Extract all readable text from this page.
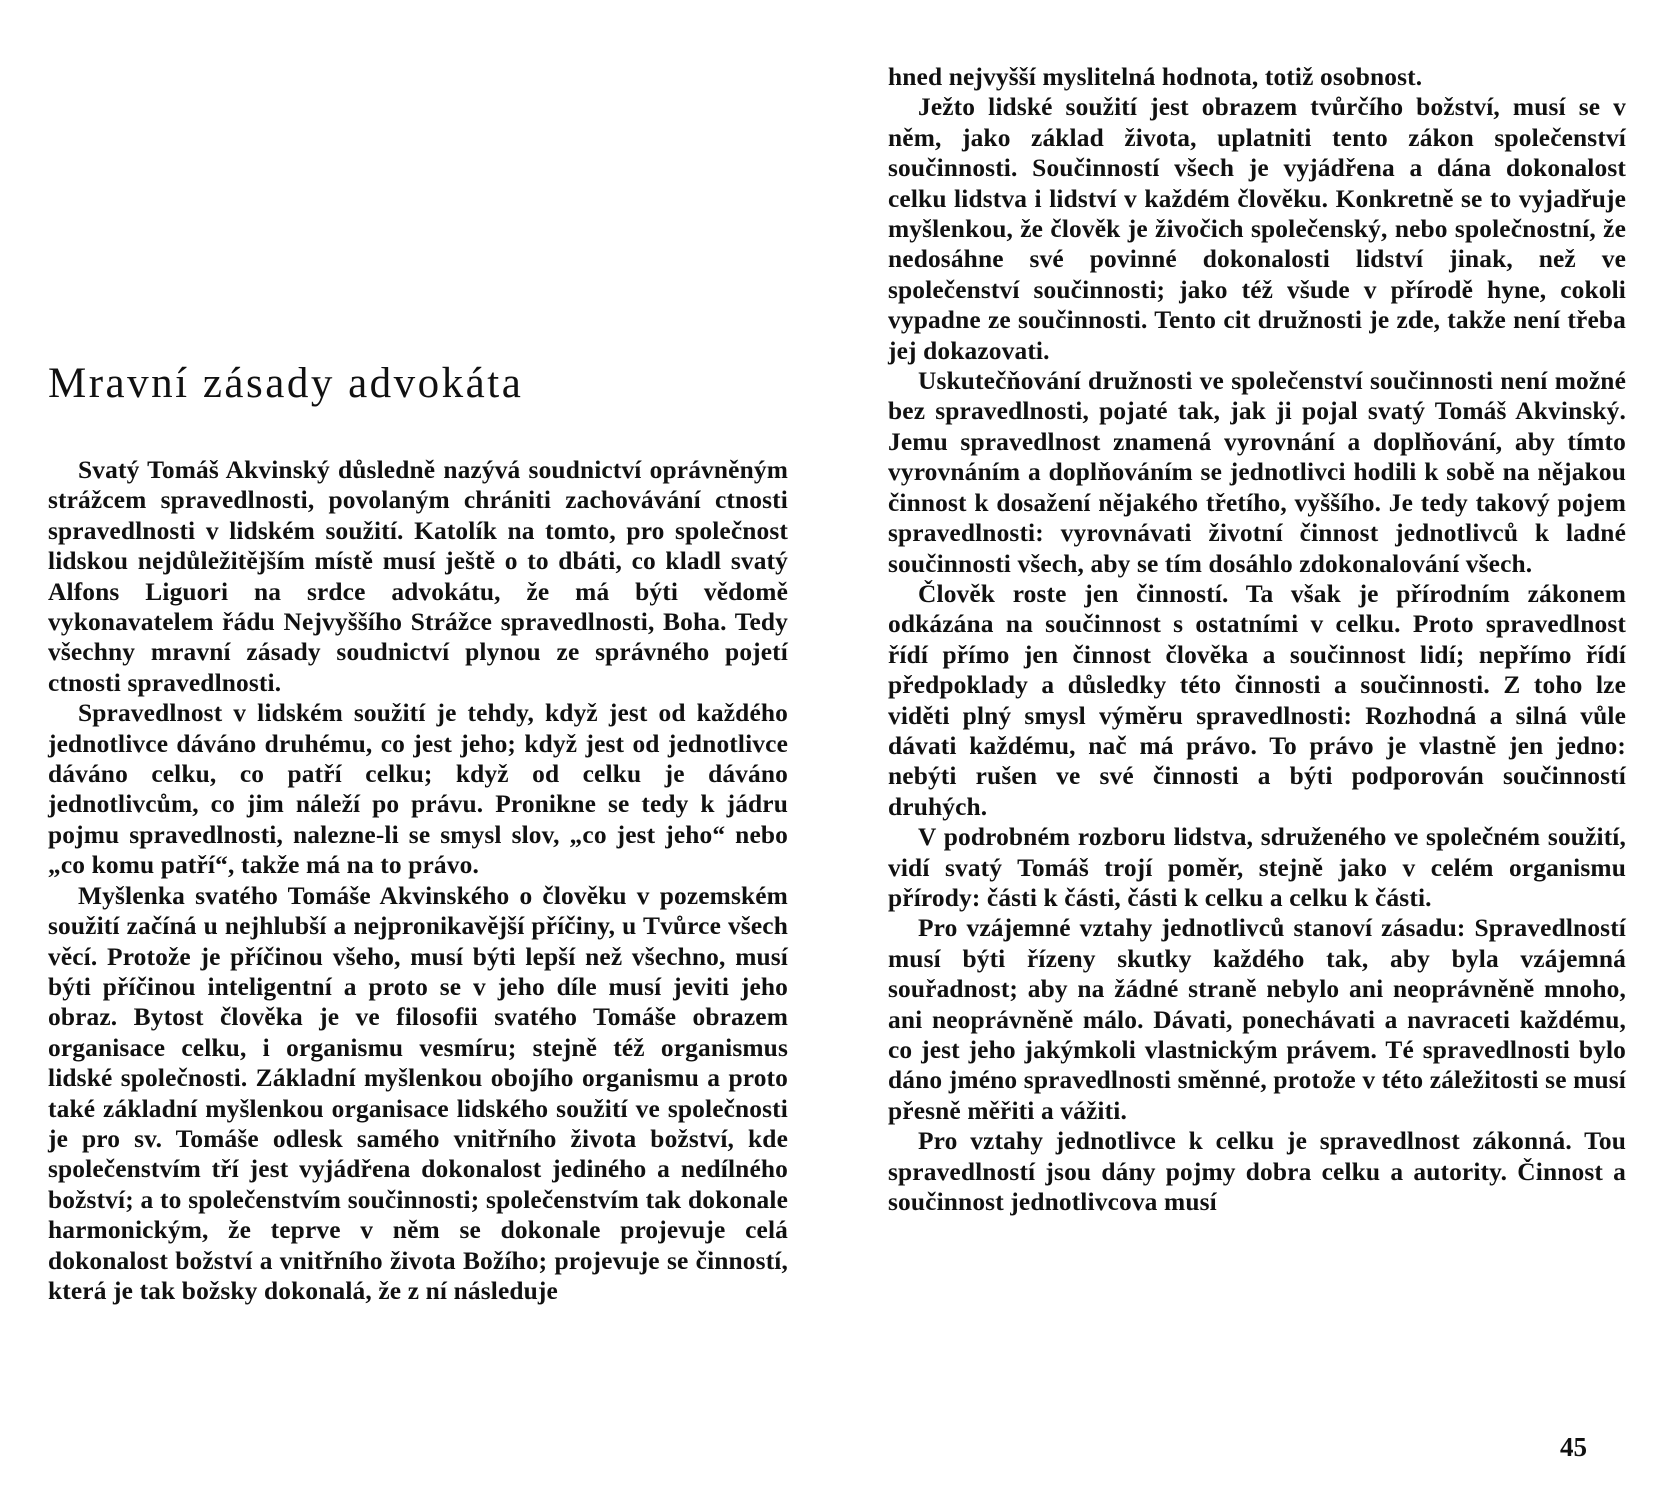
Mravní zásady advokáta

Svatý Tomáš Akvinský důsledně nazývá soudnictví oprávněným strážcem spravedlnosti, povolaným chrániti zachovávání ctnosti spravedlnosti v lidském soužití. Katolík na tomto, pro společnost lidskou nejdůležitějším místě musí ještě o to dbáti, co kladl svatý Alfons Liguori na srdce advokátu, že má býti vědomě vykonavatelem řádu Nejvyššího Strážce spravedlnosti, Boha. Tedy všechny mravní zásady soudnictví plynou ze správného pojetí ctnosti spravedlnosti.

Spravedlnost v lidském soužití je tehdy, když jest od každého jednotlivce dáváno druhému, co jest jeho; když jest od jednotlivce dáváno celku, co patří celku; když od celku je dáváno jednotlivcům, co jim náleží po právu. Pronikne se tedy k jádru pojmu spravedlnosti, nalezne-li se smysl slov, „co jest jeho“ nebo „co komu patří“, takže má na to právo.

Myšlenka svatého Tomáše Akvinského o člověku v pozemském soužití začíná u nejhlubší a nejpronikavější příčiny, u Tvůrce všech věcí. Protože je příčinou všeho, musí býti lepší než všechno, musí býti příčinou inteligentní a proto se v jeho díle musí jeviti jeho obraz. Bytost člověka je ve filosofii svatého Tomáše obrazem organisace celku, i organismu vesmíru; stejně též organismus lidské společnosti. Základní myšlenkou obojího organismu a proto také základní myšlenkou organisace lidského soužití ve společnosti je pro sv. Tomáše odlesk samého vnitřního života božství, kde společenstvím tří jest vyjádřena dokonalost jediného a nedílného božství; a to společenstvím součinnosti; společenstvím tak dokonale harmonickým, že teprve v něm se dokonale projevuje celá dokonalost božství a vnitřního života Božího; projevuje se činností, která je tak božsky dokonalá, že z ní následuje

hned nejvyšší myslitelná hodnota, totiž osobnost.

Ježto lidské soužití jest obrazem tvůrčího božství, musí se v něm, jako základ života, uplatniti tento zákon společenství součinnosti. Součinností všech je vyjádřena a dána dokonalost celku lidstva i lidství v každém člověku. Konkretně se to vyjadřuje myšlenkou, že člověk je živočich společenský, nebo společnostní, že nedosáhne své povinné dokonalosti lidství jinak, než ve společenství součinnosti; jako též všude v přírodě hyne, cokoli vypadne ze součinnosti. Tento cit družnosti je zde, takže není třeba jej dokazovati.

Uskutečňování družnosti ve společenství součinnosti není možné bez spravedlnosti, pojaté tak, jak ji pojal svatý Tomáš Akvinský. Jemu spravedlnost znamená vyrovnání a doplňování, aby tímto vyrovnáním a doplňováním se jednotlivci hodili k sobě na nějakou činnost k dosažení nějakého třetího, vyššího. Je tedy takový pojem spravedlnosti: vyrovnávati životní činnost jednotlivců k ladné součinnosti všech, aby se tím dosáhlo zdokonalování všech.

Člověk roste jen činností. Ta však je přírodním zákonem odkázána na součinnost s ostatními v celku. Proto spravedlnost řídí přímo jen činnost člověka a součinnost lidí; nepřímo řídí předpoklady a důsledky této činnosti a součinnosti. Z toho lze viděti plný smysl výměru spravedlnosti: Rozhodná a silná vůle dávati každému, nač má právo. To právo je vlastně jen jedno: nebýti rušen ve své činnosti a býti podporován součinností druhých.

V podrobném rozboru lidstva, sdruženého ve společném soužití, vidí svatý Tomáš trojí poměr, stejně jako v celém organismu přírody: části k části, části k celku a celku k části.

Pro vzájemné vztahy jednotlivců stanoví zásadu: Spravedlností musí býti řízeny skutky každého tak, aby byla vzájemná souřadnost; aby na žádné straně nebylo ani neoprávněně mnoho, ani neoprávněně málo. Dávati, ponechávati a navraceti každému, co jest jeho jakýmkoli vlastnickým právem. Té spravedlnosti bylo dáno jméno spravedlnosti směnné, protože v této záležitosti se musí přesně měřiti a vážiti.

Pro vztahy jednotlivce k celku je spravedlnost zákonná. Tou spravedlností jsou dány pojmy dobra celku a autority. Činnost a součinnost jednotlivcova musí

45
